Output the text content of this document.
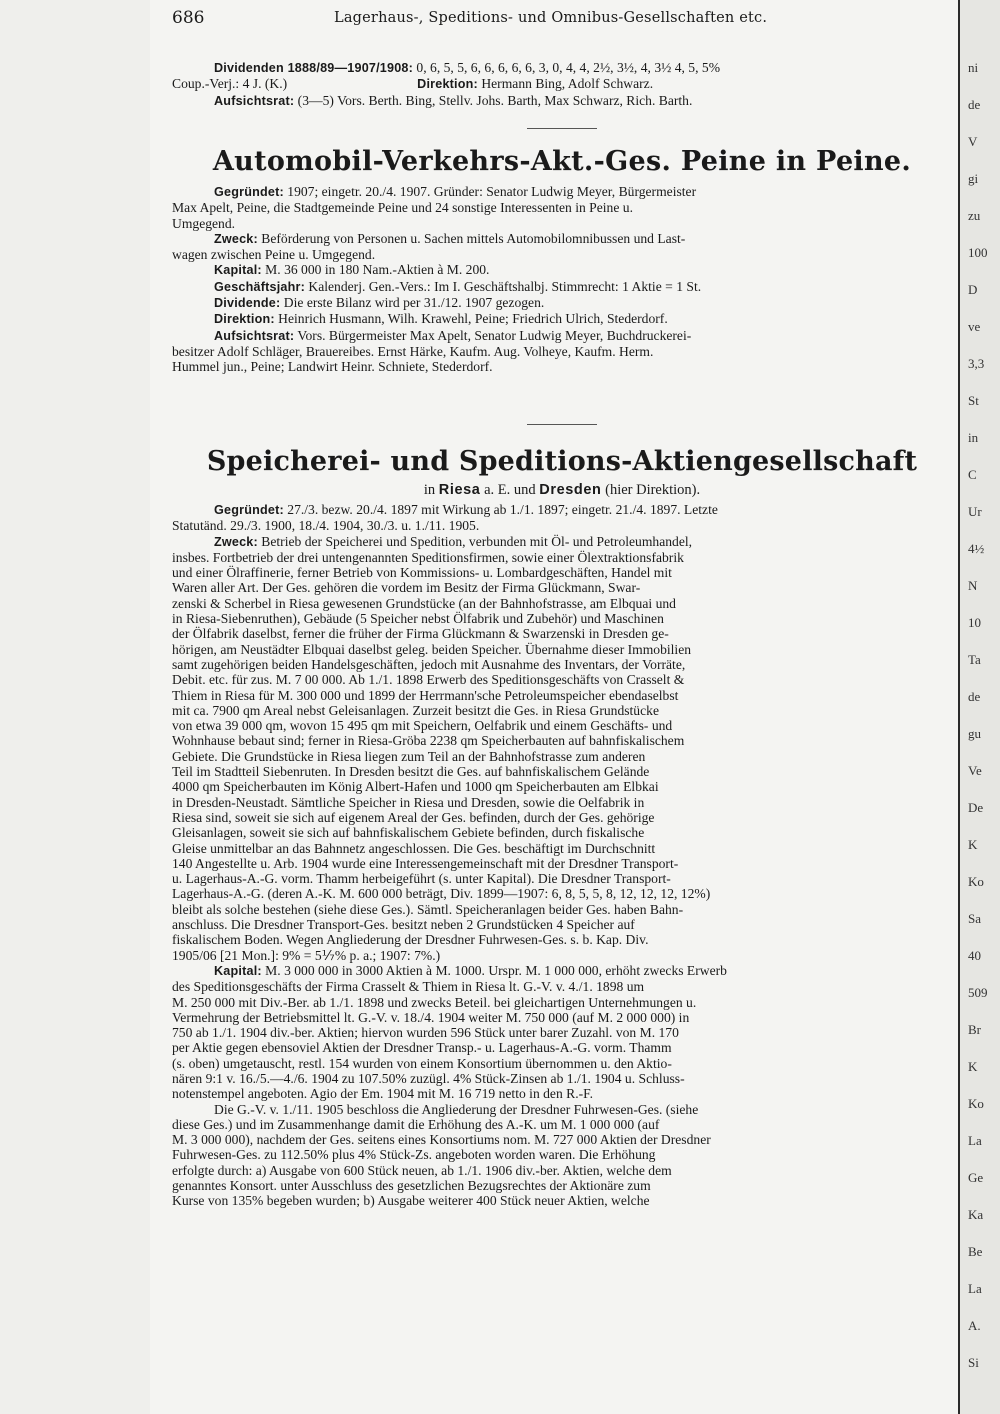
ni
de
V
gi
zu
100
D
ve
3,3
St
in
C
Ur
4½
N
10
Ta
de
gu
Ve
De
K
Ko
Sa
40
509
Br
K
Ko
La
Ge
Ka
Be
La
A.
Si
686	Lagerhaus-, Speditions- und Omnibus-Gesellschaften etc.
Dividenden 1888/89—1907/1908: 0, 6, 5, 5, 6, 6, 6, 6, 6, 3, 0, 4, 4, 2½, 3½, 4, 3½ 4, 5, 5%
Coup.-Verj.: 4 J. (K.)	Direktion: Hermann Bing, Adolf Schwarz.
Aufsichtsrat: (3—5) Vors. Berth. Bing, Stellv. Johs. Barth, Max Schwarz, Rich. Barth.
Automobil-Verkehrs-Akt.-Ges. Peine in Peine.
Gegründet: 1907; eingetr. 20./4. 1907. Gründer: Senator Ludwig Meyer, Bürgermeister
Max Apelt, Peine, die Stadtgemeinde Peine und 24 sonstige Interessenten in Peine u.
Umgegend.
Zweck: Beförderung von Personen u. Sachen mittels Automobilomnibussen und Last-
wagen zwischen Peine u. Umgegend.
Kapital: M. 36 000 in 180 Nam.-Aktien à M. 200.
Geschäftsjahr: Kalenderj. Gen.-Vers.: Im I. Geschäftshalbj. Stimmrecht: 1 Aktie = 1 St.
Dividende: Die erste Bilanz wird per 31./12. 1907 gezogen.
Direktion: Heinrich Husmann, Wilh. Krawehl, Peine; Friedrich Ulrich, Stederdorf.
Aufsichtsrat: Vors. Bürgermeister Max Apelt, Senator Ludwig Meyer, Buchdruckerei-
besitzer Adolf Schläger, Brauereibes. Ernst Härke, Kaufm. Aug. Volheye, Kaufm. Herm.
Hummel jun., Peine; Landwirt Heinr. Schniete, Stederdorf.
Speicherei- und Speditions-Aktiengesellschaft
in Riesa a. E. und Dresden (hier Direktion).
Gegründet: 27./3. bezw. 20./4. 1897 mit Wirkung ab 1./1. 1897; eingetr. 21./4. 1897. Letzte
Statutänd. 29./3. 1900, 18./4. 1904, 30./3. u. 1./11. 1905.
Zweck: Betrieb der Speicherei und Spedition, verbunden mit Öl- und Petroleumhandel,
insbes. Fortbetrieb der drei untengenannten Speditionsfirmen, sowie einer Ölextraktionsfabrik
und einer Ölraffinerie, ferner Betrieb von Kommissions- u. Lombardgeschäften, Handel mit
Waren aller Art. Der Ges. gehören die vordem im Besitz der Firma Glückmann, Swar-
zenski & Scherbel in Riesa gewesenen Grundstücke (an der Bahnhofstrasse, am Elbquai und
in Riesa-Siebenruthen), Gebäude (5 Speicher nebst Ölfabrik und Zubehör) und Maschinen
der Ölfabrik daselbst, ferner die früher der Firma Glückmann & Swarzenski in Dresden ge-
hörigen, am Neustädter Elbquai daselbst geleg. beiden Speicher. Übernahme dieser Immobilien
samt zugehörigen beiden Handelsgeschäften, jedoch mit Ausnahme des Inventars, der Vorräte,
Debit. etc. für zus. M. 7 00 000. Ab 1./1. 1898 Erwerb des Speditionsgeschäfts von Crasselt &
Thiem in Riesa für M. 300 000 und 1899 der Herrmann'sche Petroleumspeicher ebendaselbst
mit ca. 7900 qm Areal nebst Geleisanlagen. Zurzeit besitzt die Ges. in Riesa Grundstücke
von etwa 39 000 qm, wovon 15 495 qm mit Speichern, Oelfabrik und einem Geschäfts- und
Wohnhause bebaut sind; ferner in Riesa-Gröba 2238 qm Speicherbauten auf bahnfiskalischem
Gebiete. Die Grundstücke in Riesa liegen zum Teil an der Bahnhofstrasse zum anderen
Teil im Stadtteil Siebenruten. In Dresden besitzt die Ges. auf bahnfiskalischem Gelände
4000 qm Speicherbauten im König Albert-Hafen und 1000 qm Speicherbauten am Elbkai
in Dresden-Neustadt. Sämtliche Speicher in Riesa und Dresden, sowie die Oelfabrik in
Riesa sind, soweit sie sich auf eigenem Areal der Ges. befinden, durch der Ges. gehörige
Gleisanlagen, soweit sie sich auf bahnfiskalischem Gebiete befinden, durch fiskalische
Gleise unmittelbar an das Bahnnetz angeschlossen. Die Ges. beschäftigt im Durchschnitt
140 Angestellte u. Arb. 1904 wurde eine Interessengemeinschaft mit der Dresdner Transport-
u. Lagerhaus-A.-G. vorm. Thamm herbeigeführt (s. unter Kapital). Die Dresdner Transport-
Lagerhaus-A.-G. (deren A.-K. M. 600 000 beträgt, Div. 1899—1907: 6, 8, 5, 5, 8, 12, 12, 12, 12%)
bleibt als solche bestehen (siehe diese Ges.). Sämtl. Speicheranlagen beider Ges. haben Bahn-
anschluss. Die Dresdner Transport-Ges. besitzt neben 2 Grundstücken 4 Speicher auf
fiskalischem Boden. Wegen Angliederung der Dresdner Fuhrwesen-Ges. s. b. Kap. Div.
1905/06 [21 Mon.]: 9% = 5⅐% p. a.; 1907: 7%.)
Kapital: M. 3 000 000 in 3000 Aktien à M. 1000. Urspr. M. 1 000 000, erhöht zwecks Erwerb
des Speditionsgeschäfts der Firma Crasselt & Thiem in Riesa lt. G.-V. v. 4./1. 1898 um
M. 250 000 mit Div.-Ber. ab 1./1. 1898 und zwecks Beteil. bei gleichartigen Unternehmungen u.
Vermehrung der Betriebsmittel lt. G.-V. v. 18./4. 1904 weiter M. 750 000 (auf M. 2 000 000) in
750 ab 1./1. 1904 div.-ber. Aktien; hiervon wurden 596 Stück unter barer Zuzahl. von M. 170
per Aktie gegen ebensoviel Aktien der Dresdner Transp.- u. Lagerhaus-A.-G. vorm. Thamm
(s. oben) umgetauscht, restl. 154 wurden von einem Konsortium übernommen u. den Aktio-
nären 9:1 v. 16./5.—4./6. 1904 zu 107.50% zuzügl. 4% Stück-Zinsen ab 1./1. 1904 u. Schluss-
notenstempel angeboten. Agio der Em. 1904 mit M. 16 719 netto in den R.-F.
Die G.-V. v. 1./11. 1905 beschloss die Angliederung der Dresdner Fuhrwesen-Ges. (siehe
diese Ges.) und im Zusammenhange damit die Erhöhung des A.-K. um M. 1 000 000 (auf
M. 3 000 000), nachdem der Ges. seitens eines Konsortiums nom. M. 727 000 Aktien der Dresdner
Fuhrwesen-Ges. zu 112.50% plus 4% Stück-Zs. angeboten worden waren. Die Erhöhung
erfolgte durch: a) Ausgabe von 600 Stück neuen, ab 1./1. 1906 div.-ber. Aktien, welche dem
genanntes Konsort. unter Ausschluss des gesetzlichen Bezugsrechtes der Aktionäre zum
Kurse von 135% begeben wurden; b) Ausgabe weiterer 400 Stück neuer Aktien, welche
